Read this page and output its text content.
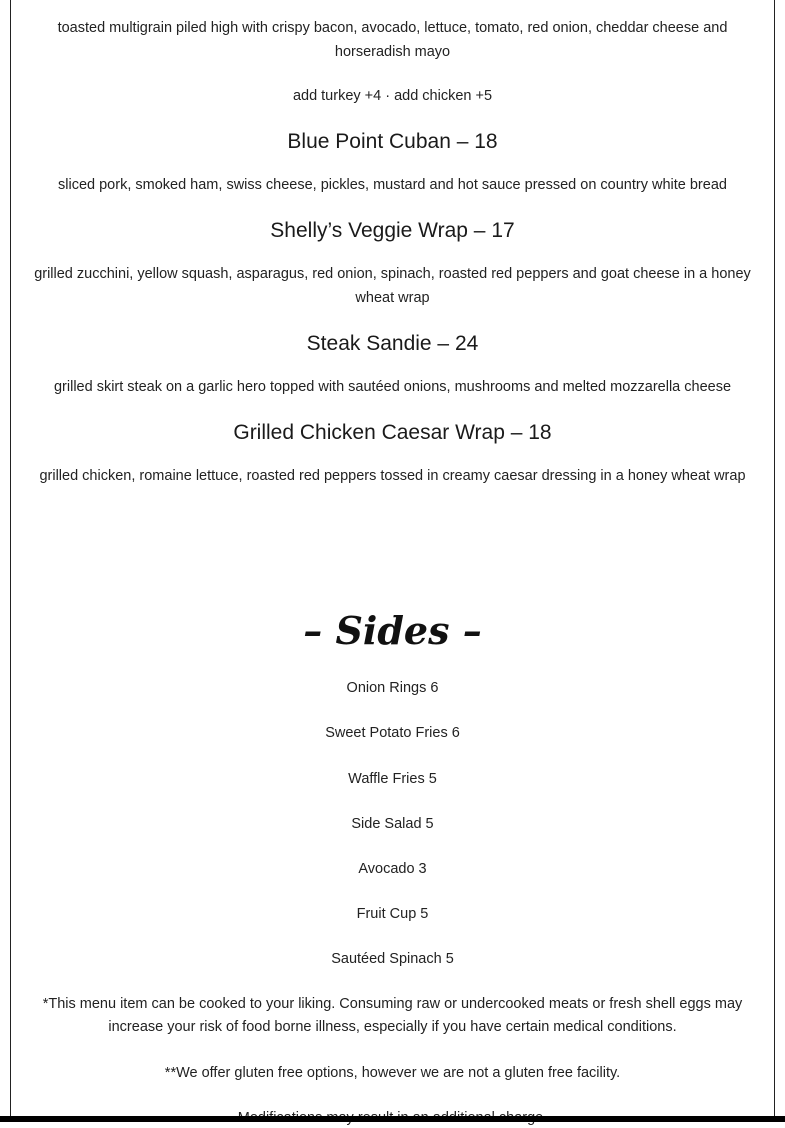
toasted multigrain piled high with crispy bacon, avocado, lettuce, tomato, red onion, cheddar cheese and horseradish mayo

add turkey +4 · add chicken +5

Blue Point Cuban – 18

sliced pork, smoked ham, swiss cheese, pickles, mustard and hot sauce pressed on country white bread

Shelly’s Veggie Wrap – 17

grilled zucchini, yellow squash, asparagus, red onion, spinach, roasted red peppers and goat cheese in a honey wheat wrap

Steak Sandie – 24

grilled skirt steak on a garlic hero topped with sautéed onions, mushrooms and melted mozzarella cheese

Grilled Chicken Caesar Wrap – 18

grilled chicken, romaine lettuce, roasted red peppers tossed in creamy caesar dressing in a honey wheat wrap

– Sides –

Onion Rings 6

Sweet Potato Fries 6

Waffle Fries 5

Side Salad 5

Avocado 3

Fruit Cup 5

Sautéed Spinach 5

*This menu item can be cooked to your liking. Consuming raw or undercooked meats or fresh shell eggs may increase your risk of food borne illness, especially if you have certain medical conditions.

**We offer gluten free options, however we are not a gluten free facility.
